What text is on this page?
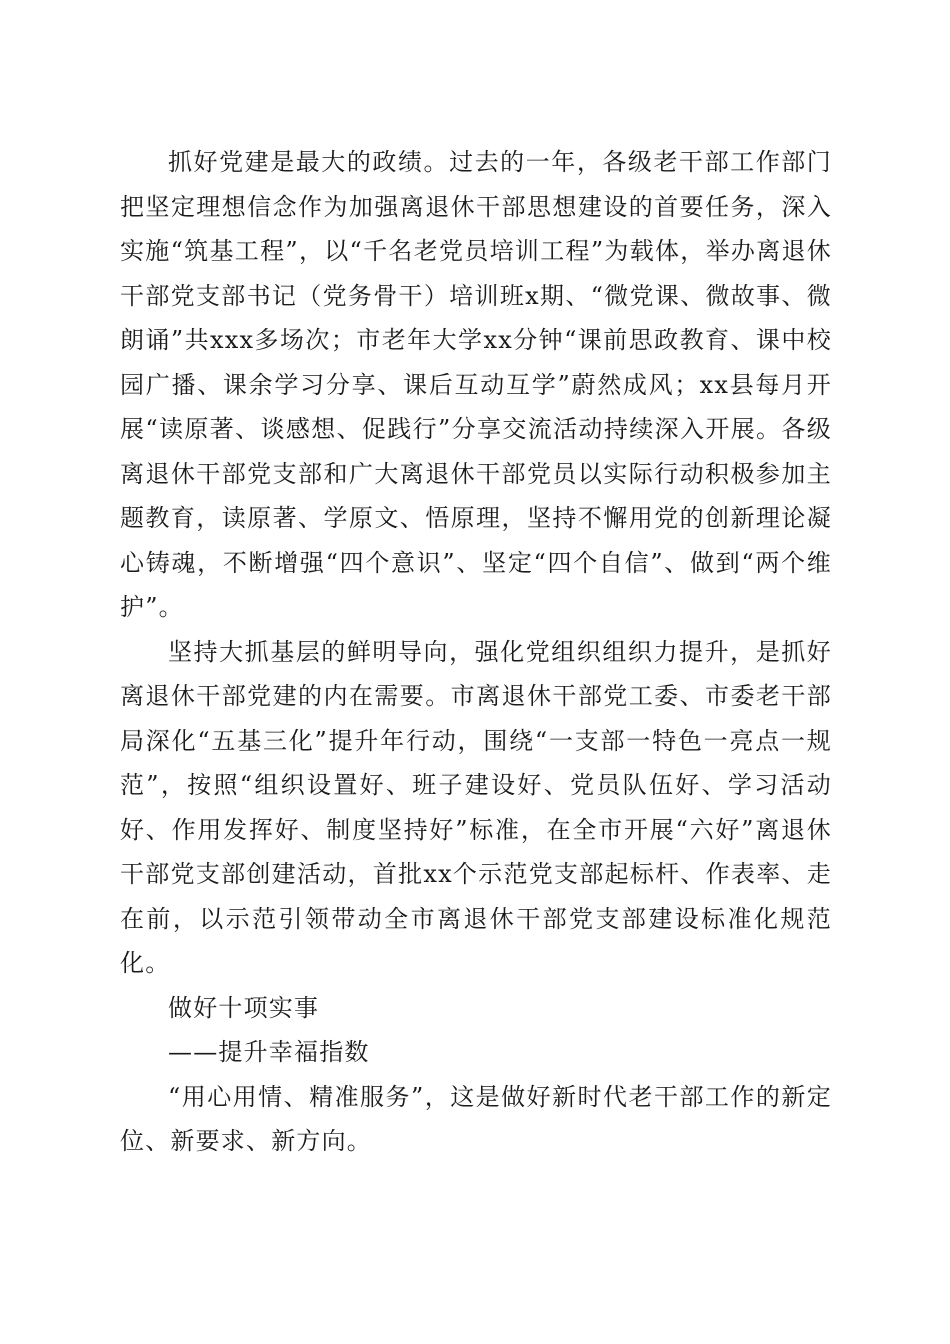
抓好党建是最大的政绩。过去的一年，各级老干部工作部门把坚定理想信念作为加强离退休干部思想建设的首要任务，深入实施“筑基工程”，以“千名老党员培训工程”为载体，举办离退休干部党支部书记（党务骨干）培训班x期、“微党课、微故事、微朗诵”共xxx多场次；市老年大学xx分钟“课前思政教育、课中校园广播、课余学习分享、课后互动互学”蔚然成风；xx县每月开展“读原著、谈感想、促践行”分享交流活动持续深入开展。各级离退休干部党支部和广大离退休干部党员以实际行动积极参加主题教育，读原著、学原文、悟原理，坚持不懈用党的创新理论凝心铸魂，不断增强“四个意识”、坚定“四个自信”、做到“两个维护”。

坚持大抓基层的鲜明导向，强化党组织组织力提升，是抓好离退休干部党建的内在需要。市离退休干部党工委、市委老干部局深化“五基三化”提升年行动，围绕“一支部一特色一亮点一规范”，按照“组织设置好、班子建设好、党员队伍好、学习活动好、作用发挥好、制度坚持好”标准，在全市开展“六好”离退休干部党支部创建活动，首批xx个示范党支部起标杆、作表率、走在前，以示范引领带动全市离退休干部党支部建设标准化规范化。

做好十项实事

——提升幸福指数

“用心用情、精准服务”，这是做好新时代老干部工作的新定位、新要求、新方向。
